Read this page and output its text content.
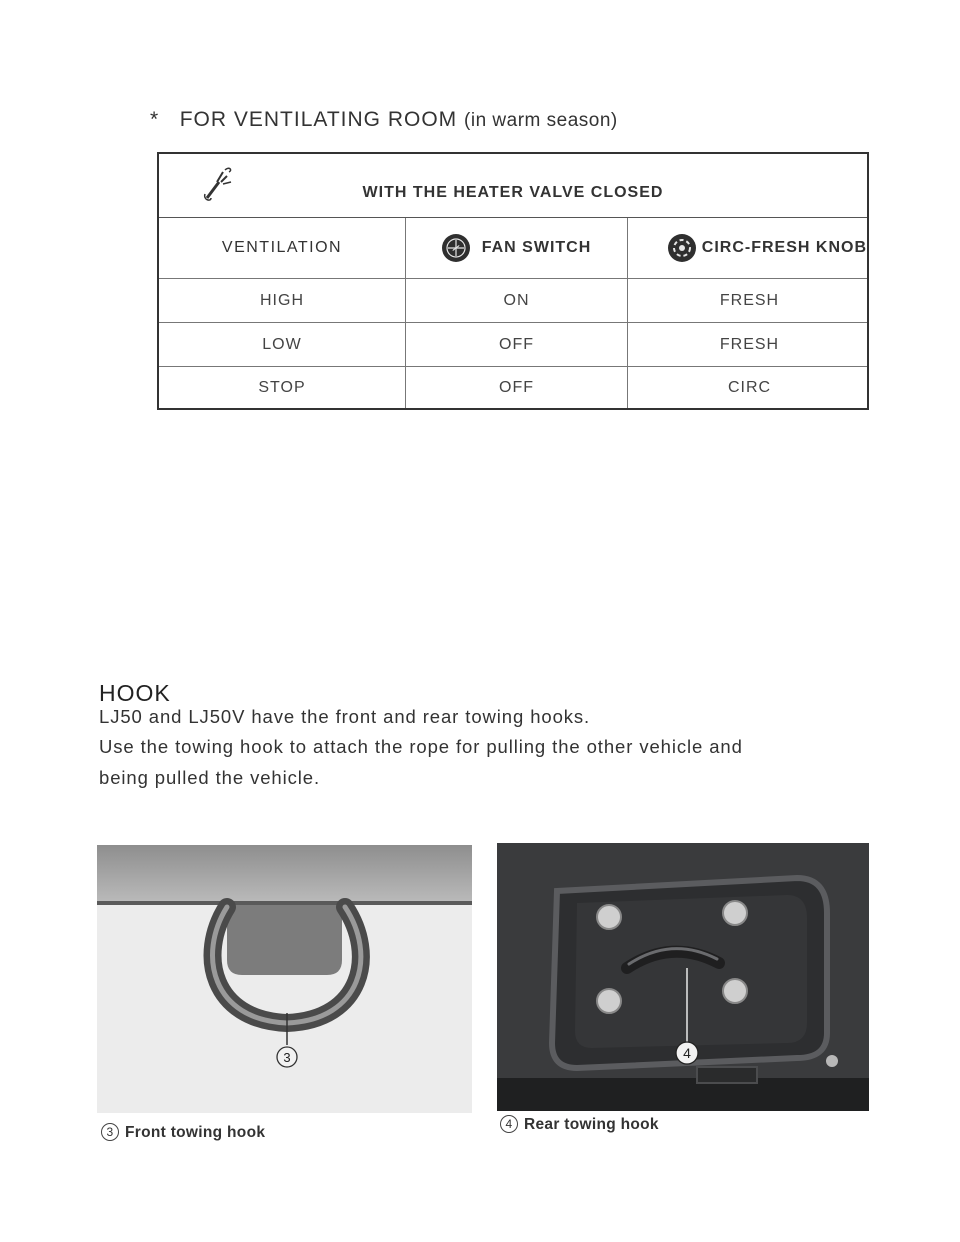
* FOR VENTILATING ROOM (in warm season)
WITH THE HEATER VALVE CLOSED
VENTILATION	FAN SWITCH	CIRC-FRESH KNOB
HIGH	ON	FRESH
LOW	OFF	FRESH
STOP	OFF	CIRC
HOOK
LJ50 and LJ50V have the front and rear towing hooks.
Use the towing hook to attach the rope for pulling the other vehicle and
being pulled the vehicle.
3	4
3 Front towing hook	4 Rear towing hook
